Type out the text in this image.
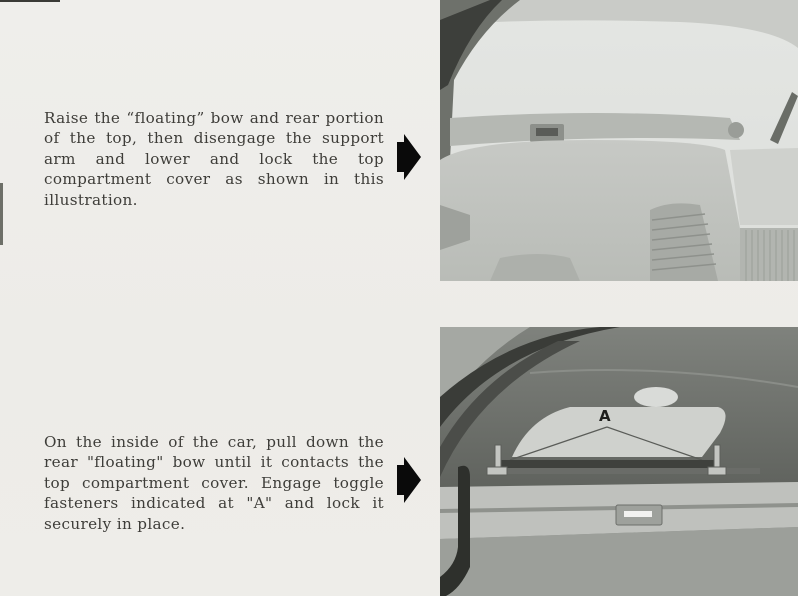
Raise the “floating” bow and rear portion of the top, then disengage the support arm and lower and lock the top compartment cover as shown in this illustration.

On the inside of the car, pull down the rear "floating" bow until it contacts the top compartment cover. Engage toggle fasteners indicated at "A" and lock it securely in place.

A
